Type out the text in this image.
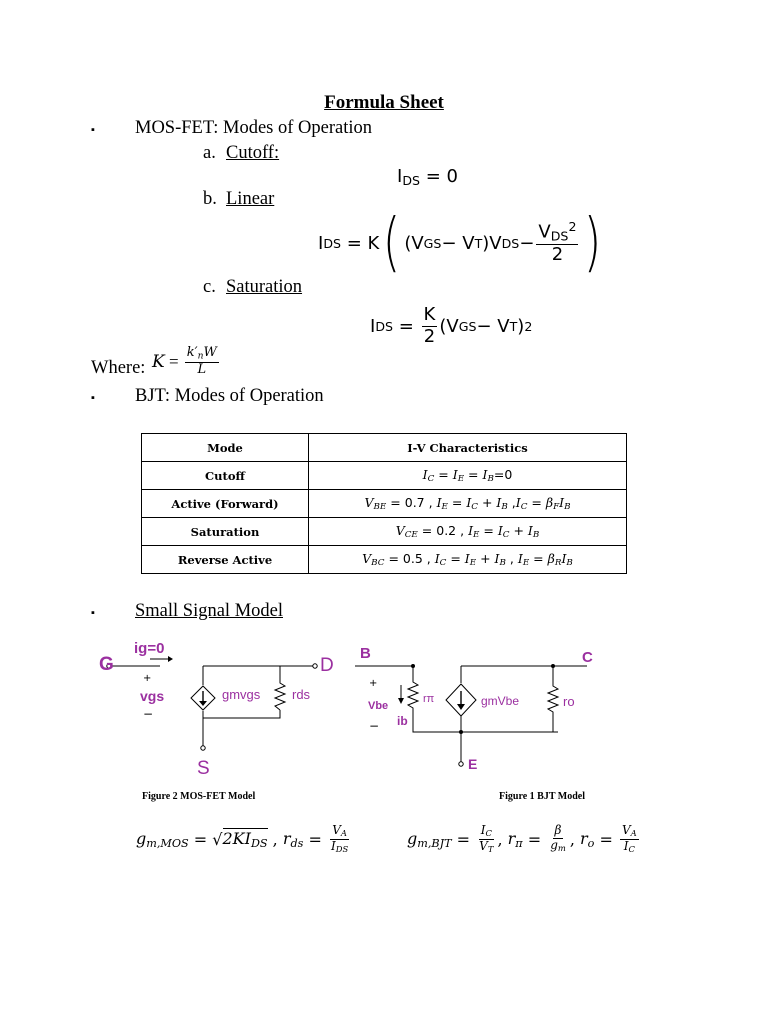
Formula Sheet
▪ MOS-FET: Modes of Operation
a. Cutoff:
$I_{DS} = 0$
b. Linear
I DS = K ( (V GS − V T )V DS − $\frac{V_{DS}^2}{2}$ )
c. Saturation
I DS = $\frac{K}{2} (V$ GS − V T ) 2
Where: $K = \frac{k'_nW}{L}$
▪ BJT: Modes of Operation
Mode	I-V Characteristics
Cutoff	$I_C = I_E = I_B=0$
Active (Forward)	$V_{BE} = 0.7$ , $I_E = I_C + I_B$ $,I_C = \beta_FI_B$
Saturation	$V_{CE} = 0.2$ , $I_E = I_C + I_B$
Reverse Active	$V_{BC} = 0.5$ , $I_C = I_E + I_B$ , $I_E = \beta_RI_B$
▪ Small Signal Model
+
−
G	D
S
ig=0
vgs	gmvgs rds
+
−
B	C
E
Vbe
ib
rπ	gmVbe	ro
Figure 2 MOS-FET Model	Figure 1 BJT Model
$g_{m,MOS}$ = √ $2KI_{DS}$ , $r_{ds} = \frac{V_A}{I_{DS}}$	$g_{m,BJT} = \frac{I_C}{V_T}$ , $r_\pi = \frac{\beta}{g_m}$ , $r_o = \frac{V_A}{I_C}$
